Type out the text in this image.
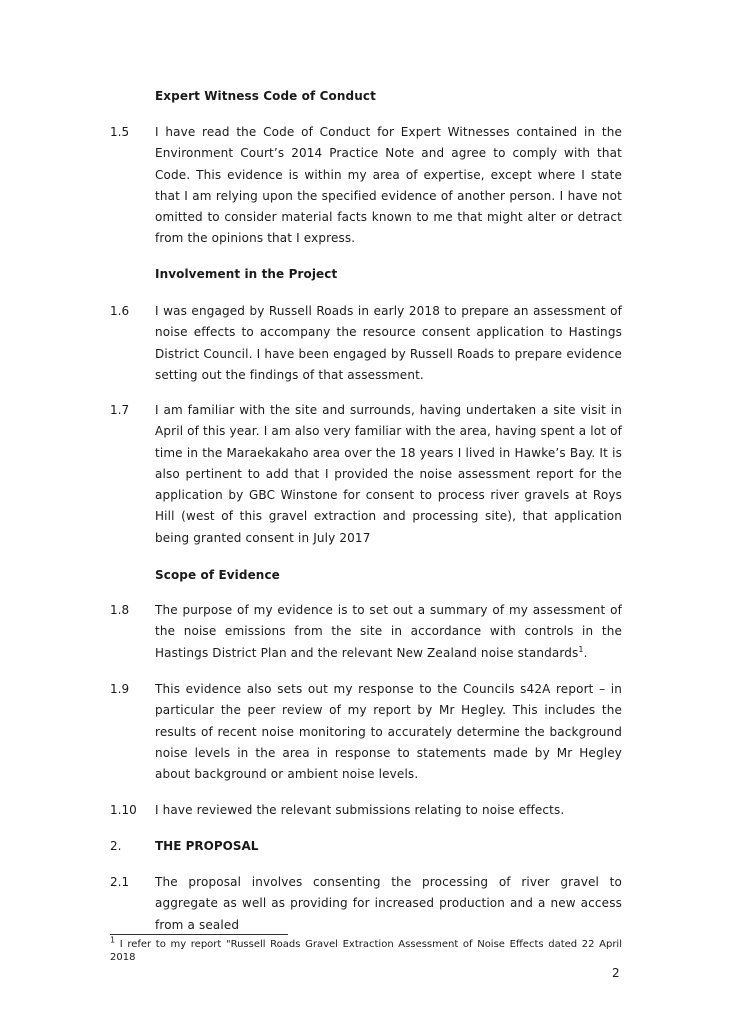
Expert Witness Code of Conduct
1.5 I have read the Code of Conduct for Expert Witnesses contained in the Environment Court’s 2014 Practice Note and agree to comply with that Code. This evidence is within my area of expertise, except where I state that I am relying upon the specified evidence of another person. I have not omitted to consider material facts known to me that might alter or detract from the opinions that I express.
Involvement in the Project
1.6 I was engaged by Russell Roads in early 2018 to prepare an assessment of noise effects to accompany the resource consent application to Hastings District Council. I have been engaged by Russell Roads to prepare evidence setting out the findings of that assessment.
1.7 I am familiar with the site and surrounds, having undertaken a site visit in April of this year. I am also very familiar with the area, having spent a lot of time in the Maraekakaho area over the 18 years I lived in Hawke’s Bay. It is also pertinent to add that I provided the noise assessment report for the application by GBC Winstone for consent to process river gravels at Roys Hill (west of this gravel extraction and processing site), that application being granted consent in July 2017
Scope of Evidence
1.8 The purpose of my evidence is to set out a summary of my assessment of the noise emissions from the site in accordance with controls in the Hastings District Plan and the relevant New Zealand noise standards$^1$.
1.9 This evidence also sets out my response to the Councils s42A report – in particular the peer review of my report by Mr Hegley. This includes the results of recent noise monitoring to accurately determine the background noise levels in the area in response to statements made by Mr Hegley about background or ambient noise levels.
1.10 I have reviewed the relevant submissions relating to noise effects.
2.	THE PROPOSAL
2.1 The proposal involves consenting the processing of river gravel to aggregate as well as providing for increased production and a new access from a sealed
$^1$ I refer to my report "Russell Roads Gravel Extraction Assessment of Noise Effects dated 22 April 2018
2
